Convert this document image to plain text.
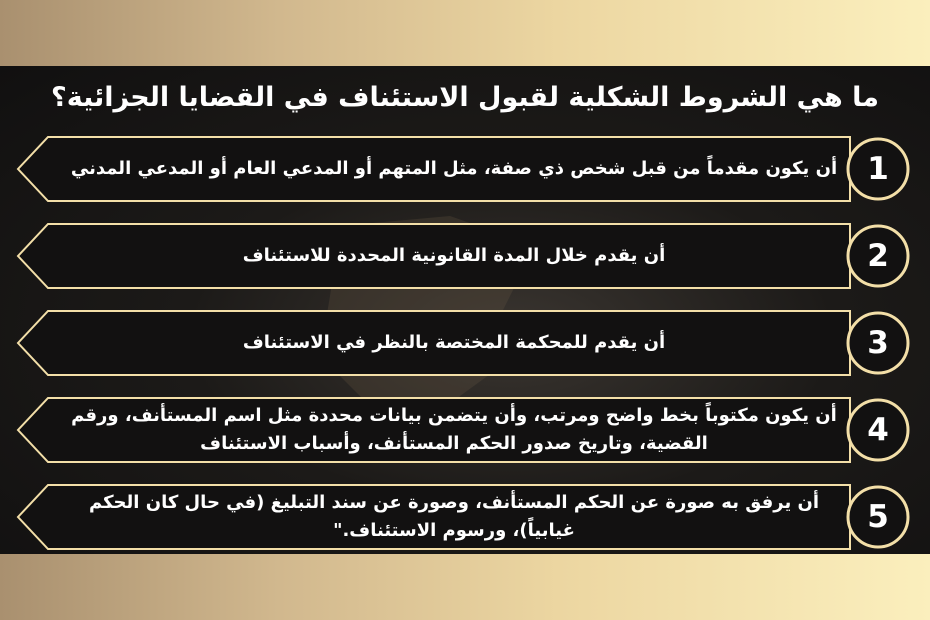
ما هي الشروط الشكلية لقبول الاستئناف في القضايا الجزائية؟
أن يكون مقدماً من قبل شخص ذي صفة، مثل المتهم أو المدعي العام أو المدعي المدني 1
أن يقدم خلال المدة القانونية المحددة للاستئناف	2
أن يقدم للمحكمة المختصة بالنظر في الاستئناف	3
أن يكون مكتوباً بخط واضح ومرتب، وأن يتضمن بيانات محددة مثل اسم المستأنف، ورقم القضية، وتاريخ صدور الحكم المستأنف، وأسباب الاستئناف	4
أن يرفق به صورة عن الحكم المستأنف، وصورة عن سند التبليغ (في حال كان الحكم غيابياً)، ورسوم الاستئناف."	5
